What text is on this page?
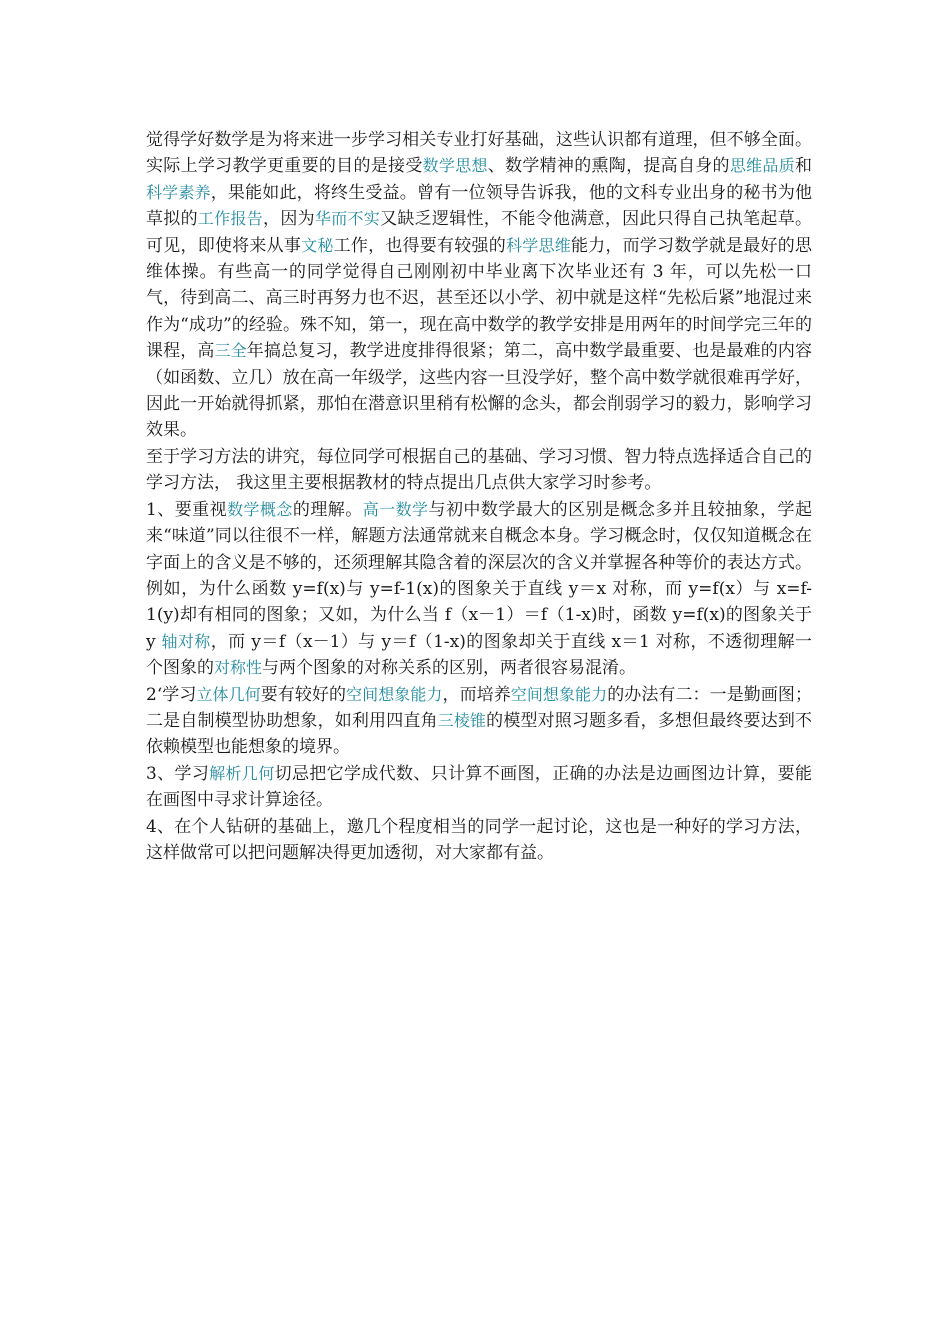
觉得学好数学是为将来进一步学习相关专业打好基础，这些认识都有道理，但不够全面。实际上学习教学更重要的目的是接受数学思想、数学精神的熏陶，提高自身的思维品质和科学素养，果能如此，将终生受益。曾有一位领导告诉我，他的文科专业出身的秘书为他草拟的工作报告，因为华而不实又缺乏逻辑性，不能令他满意，因此只得自己执笔起草。可见，即使将来从事文秘工作，也得要有较强的科学思维能力，而学习数学就是最好的思维体操。有些高一的同学觉得自己刚刚初中毕业离下次毕业还有 3 年，可以先松一口气，待到高二、高三时再努力也不迟，甚至还以小学、初中就是这样“先松后紧”地混过来作为“成功”的经验。殊不知，第一，现在高中数学的教学安排是用两年的时间学完三年的课程，高三全年搞总复习，教学进度排得很紧；第二，高中数学最重要、也是最难的内容（如函数、立几）放在高一年级学，这些内容一旦没学好，整个高中数学就很难再学好，因此一开始就得抓紧，那怕在潜意识里稍有松懈的念头，都会削弱学习的毅力，影响学习效果。

至于学习方法的讲究，每位同学可根据自己的基础、学习习惯、智力特点选择适合自己的学习方法， 我这里主要根据教材的特点提出几点供大家学习时参考。

1、要重视数学概念的理解。高一数学与初中数学最大的区别是概念多并且较抽象，学起来“味道”同以往很不一样，解题方法通常就来自概念本身。学习概念时，仅仅知道概念在字面上的含义是不够的，还须理解其隐含着的深层次的含义并掌握各种等价的表达方式。例如，为什么函数 y=f(x)与 y=f-1(x)的图象关于直线 y＝x 对称，而 y=f(x）与 x=f-1(y)却有相同的图象；又如，为什么当 f（x－1）＝f（1-x)时，函数 y=f(x)的图象关于 y 轴对称，而 y＝f（x－1）与 y＝f（1-x)的图象却关于直线 x＝1 对称，不透彻理解一个图象的对称性与两个图象的对称关系的区别，两者很容易混淆。

2‘学习立体几何要有较好的空间想象能力，而培养空间想象能力的办法有二：一是勤画图；二是自制模型协助想象，如利用四直角三棱锥的模型对照习题多看，多想但最终要达到不依赖模型也能想象的境界。

3、学习解析几何切忌把它学成代数、只计算不画图，正确的办法是边画图边计算，要能在画图中寻求计算途径。

4、在个人钻研的基础上，邀几个程度相当的同学一起讨论，这也是一种好的学习方法，这样做常可以把问题解决得更加透彻，对大家都有益。
